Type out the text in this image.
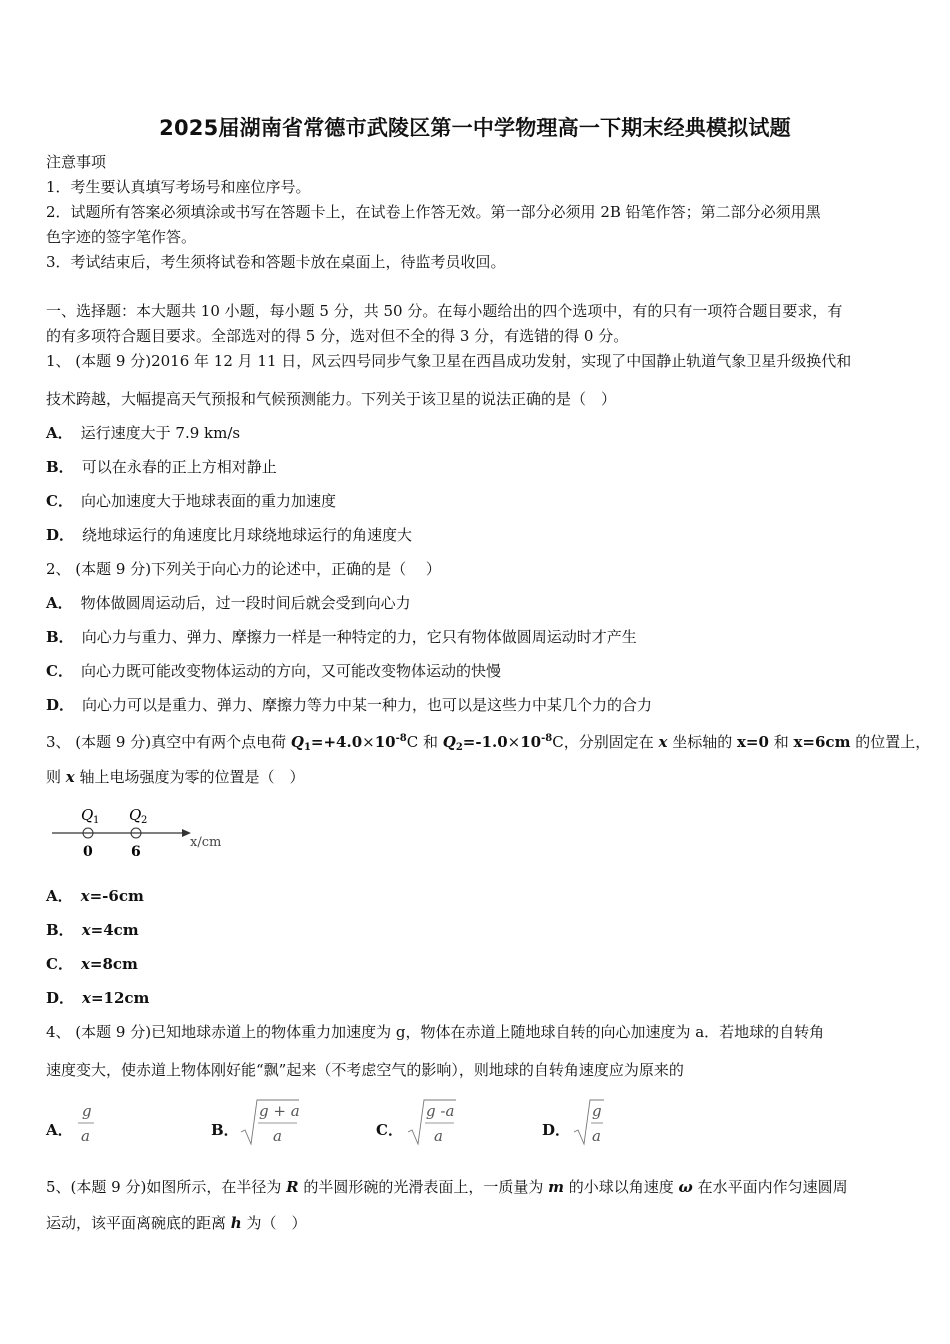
2025届湖南省常德市武陵区第一中学物理高一下期末经典模拟试题
注意事项
1．考生要认真填写考场号和座位序号。
2．试题所有答案必须填涂或书写在答题卡上，在试卷上作答无效。第一部分必须用 2B 铅笔作答；第二部分必须用黑
色字迹的签字笔作答。
3．考试结束后，考生须将试卷和答题卡放在桌面上，待监考员收回。
一、选择题：本大题共 10 小题，每小题 5 分，共 50 分。在每小题给出的四个选项中，有的只有一项符合题目要求，有
的有多项符合题目要求。全部选对的得 5 分，选对但不全的得 3 分，有选错的得 0 分。
1、 (本题 9 分)2016 年 12 月 11 日，风云四号同步气象卫星在西昌成功发射，实现了中国静止轨道气象卫星升级换代和
技术跨越，大幅提高天气预报和气候预测能力。下列关于该卫星的说法正确的是（　）
A． 运行速度大于 7.9 km/s
B． 可以在永春的正上方相对静止
C． 向心加速度大于地球表面的重力加速度
D． 绕地球运行的角速度比月球绕地球运行的角速度大
2、 (本题 9 分)下列关于向心力的论述中，正确的是（　 ）
A． 物体做圆周运动后，过一段时间后就会受到向心力
B． 向心力与重力、弹力、摩擦力一样是一种特定的力，它只有物体做圆周运动时才产生
C． 向心力既可能改变物体运动的方向，又可能改变物体运动的快慢
D． 向心力可以是重力、弹力、摩擦力等力中某一种力，也可以是这些力中某几个力的合力
3、 (本题 9 分)真空中有两个点电荷 $Q_1=+4.0\times 10^{-8}C$ 和 $Q_2=-1.0\times 10^{-8}C$，分别固定在 x 坐标轴的 x=0 和 x=6cm 的位置上，
则 x 轴上电场强度为零的位置是（　）
Q 1 Q 2
0	6
x/cm
A． x=-6cm
B． x=4cm
C． x=8cm
D． x=12cm
4、 (本题 9 分)已知地球赤道上的物体重力加速度为 g，物体在赤道上随地球自转的向心加速度为 a．若地球的自转角
速度变大，使赤道上物体刚好能“飘”起来（不考虑空气的影响），则地球的自转角速度应为原来的
A．
g
a	B．
g + a
a	C．
g -a
a	D．
g
a
5、(本题 9 分)如图所示，在半径为 R 的半圆形碗的光滑表面上，一质量为 m 的小球以角速度 ω 在水平面内作匀速圆周
运动，该平面离碗底的距离 h 为（　）
